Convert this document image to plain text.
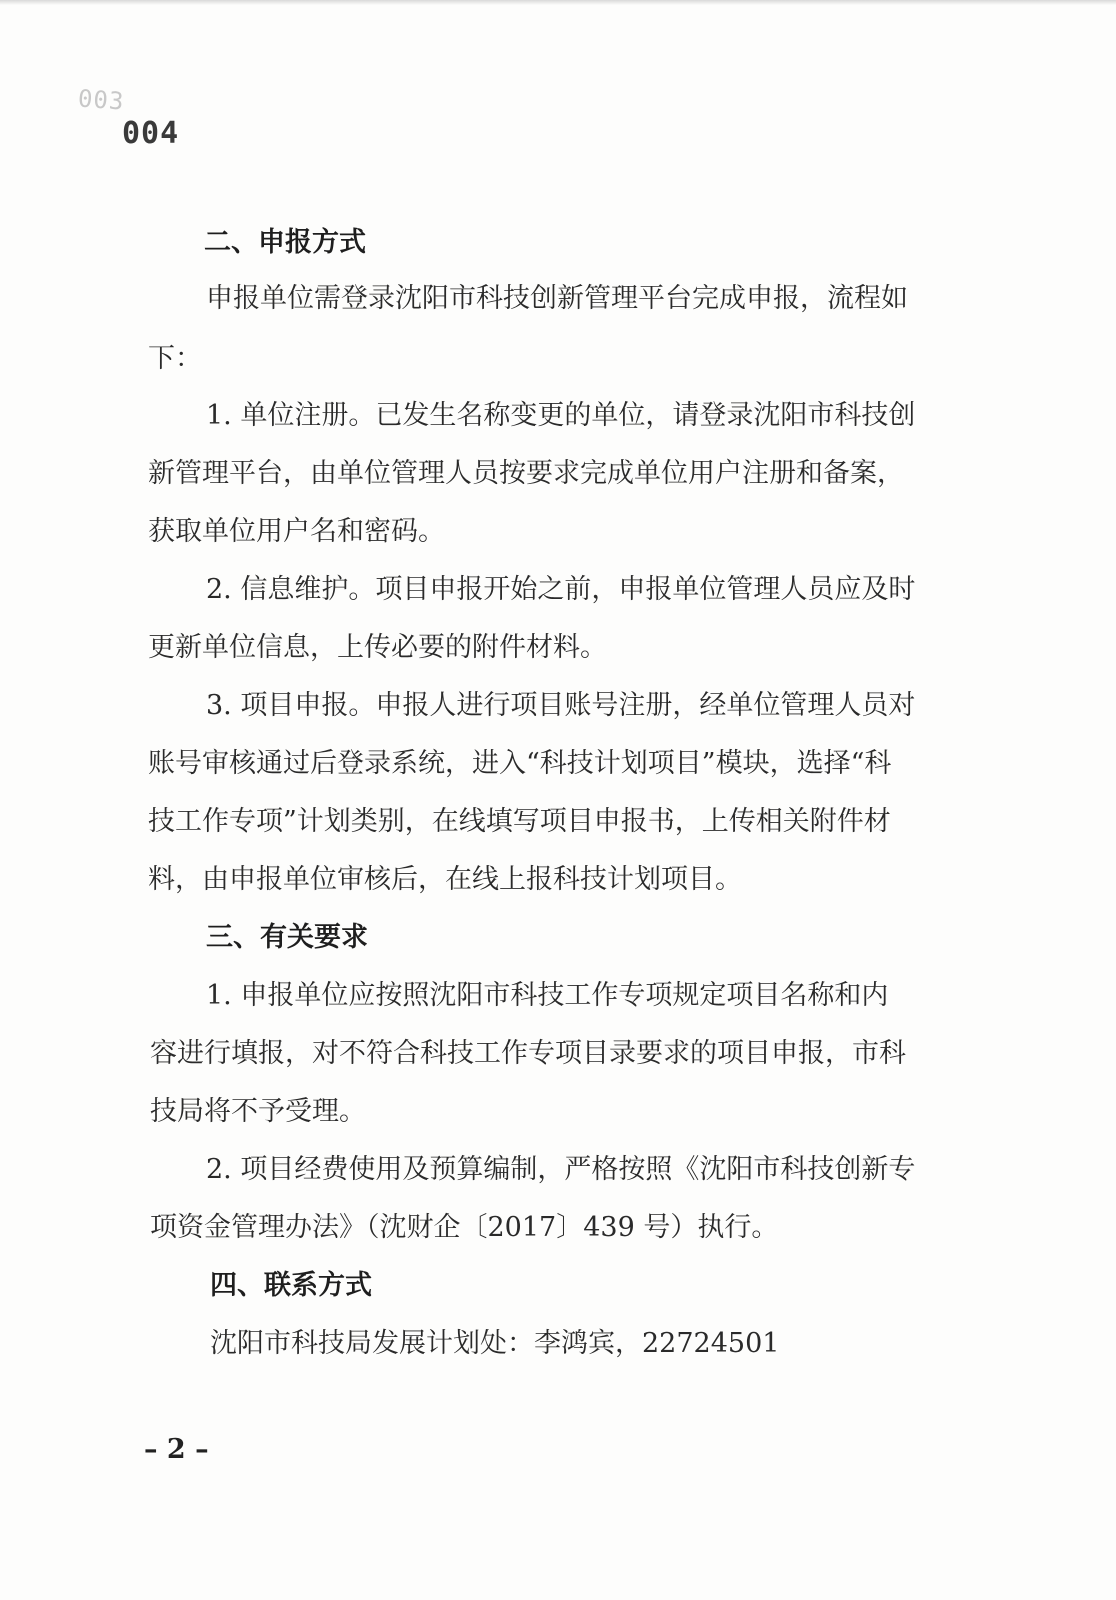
003
004

二、申报方式

申报单位需登录沈阳市科技创新管理平台完成申报，流程如

下：

1. 单位注册。已发生名称变更的单位，请登录沈阳市科技创

新管理平台，由单位管理人员按要求完成单位用户注册和备案，

获取单位用户名和密码。

2. 信息维护。项目申报开始之前，申报单位管理人员应及时

更新单位信息，上传必要的附件材料。

3. 项目申报。申报人进行项目账号注册，经单位管理人员对

账号审核通过后登录系统，进入“科技计划项目”模块，选择“科

技工作专项”计划类别，在线填写项目申报书，上传相关附件材

料，由申报单位审核后，在线上报科技计划项目。

三、有关要求

1. 申报单位应按照沈阳市科技工作专项规定项目名称和内

容进行填报，对不符合科技工作专项目录要求的项目申报，市科

技局将不予受理。

2. 项目经费使用及预算编制，严格按照《沈阳市科技创新专

项资金管理办法》（沈财企〔2017〕439 号）执行。

四、联系方式

沈阳市科技局发展计划处：李鸿宾，22724501

– 2 –
